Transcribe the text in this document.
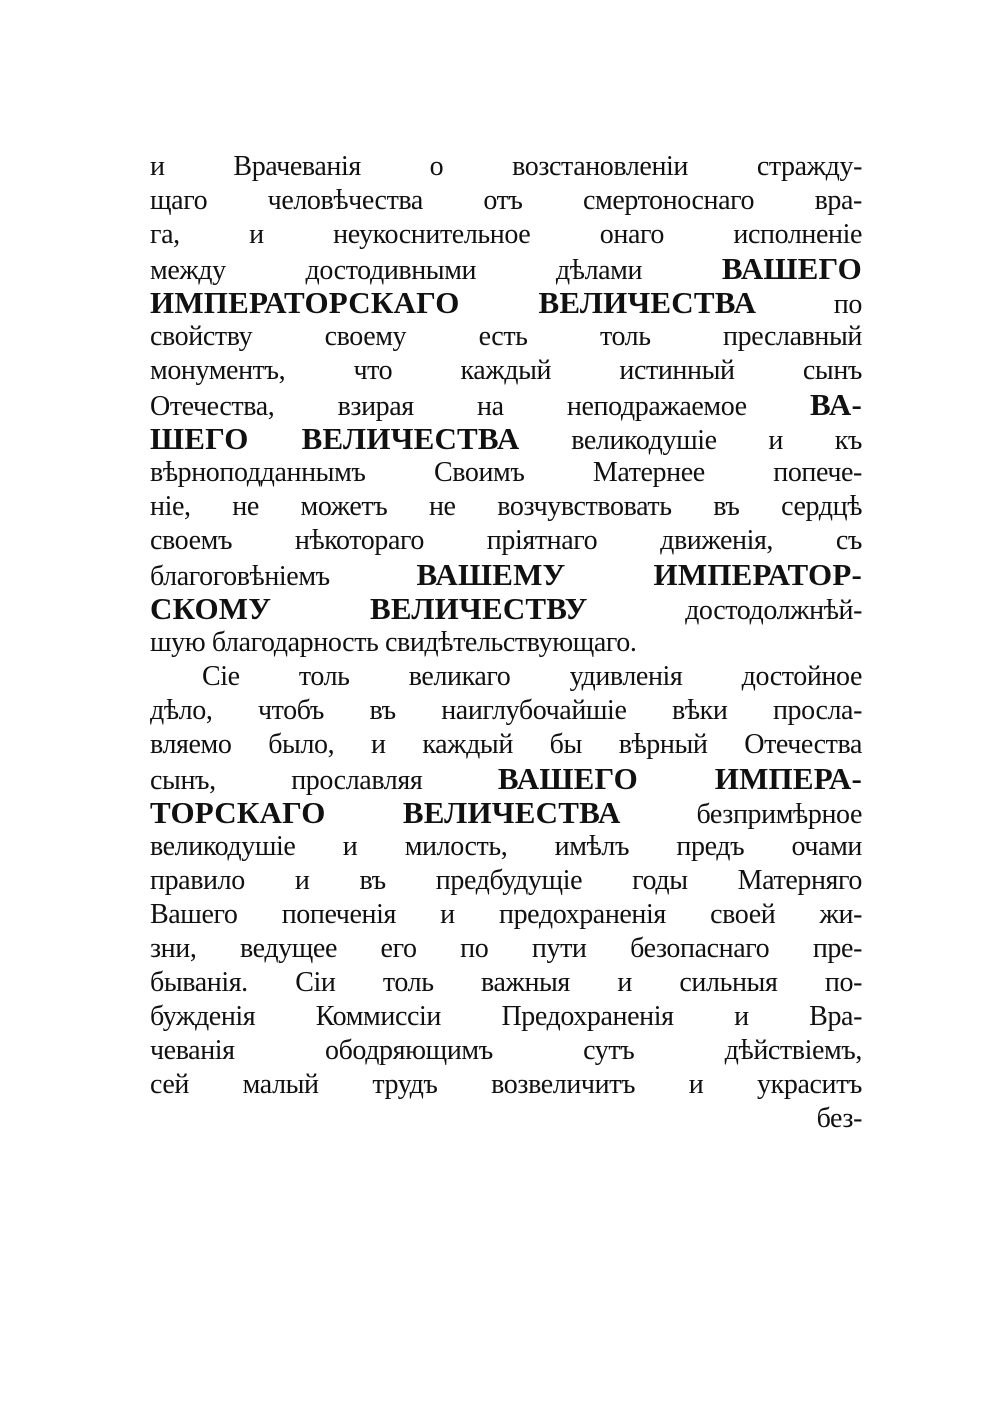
и Врачеванія о возстановленіи стражду-
щаго человѣчества отъ смертоноснаго вра-
га, и неукоснительное онаго исполненіе
между достодивными дѣлами ВАШЕГО
ИМПЕРАТОРСКАГО ВЕЛИЧЕСТВА по
свойству своему есть толь преславный
монументъ, что каждый истинный сынъ
Отечества, взирая на неподражаемое ВА-
ШЕГО ВЕЛИЧЕСТВА великодушіе и къ
вѣрноподданнымъ Своимъ Матернее попече-
ніе, не можетъ не возчувствовать въ сердцѣ
своемъ нѣкотораго пріятнаго движенія, съ
благоговѣніемъ ВАШЕМУ ИМПЕРАТОР-
СКОМУ ВЕЛИЧЕСТВУ достодолжнѣй-
шую благодарность свидѣтельствующаго.
Сіе толь великаго удивленія достойное
дѣло, чтобъ въ наиглубочайшіе вѣки просла-
вляемо было, и каждый бы вѣрный Отечества
сынъ, прославляя ВАШЕГО ИМПЕРА-
ТОРСКАГО ВЕЛИЧЕСТВА безпримѣрное
великодушіе и милость, имѣлъ предъ очами
правило и въ предбудущіе годы Матерняго
Вашего попеченія и предохраненія своей жи-
зни, ведущее его по пути безопаснаго пре-
быванія. Сіи толь важныя и сильныя по-
бужденія Коммиссіи Предохраненія и Вра-
чеванія ободряющимъ сутъ дѣйствіемъ,
сей малый трудъ возвеличитъ и украситъ
без-
